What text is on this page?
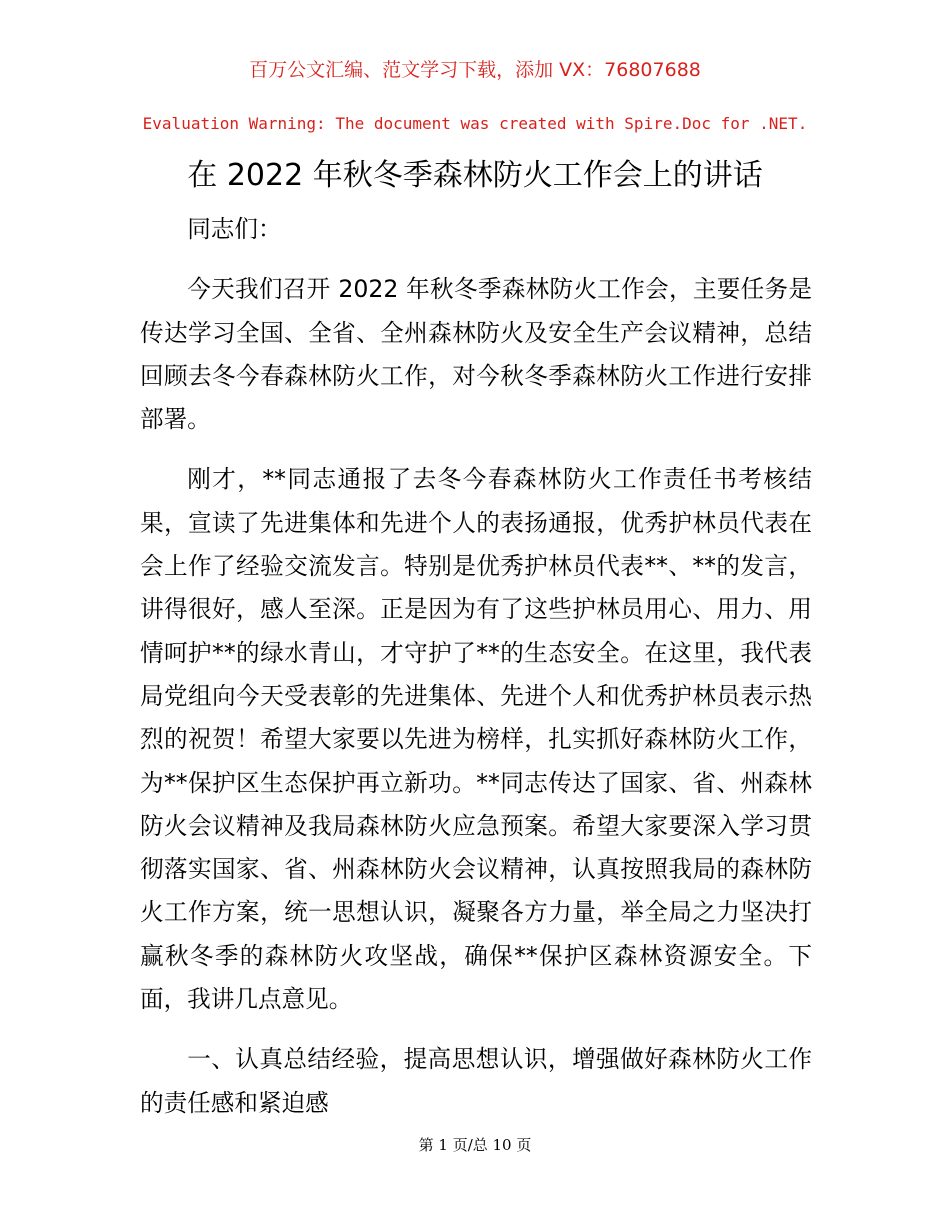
百万公文汇编、范文学习下载，添加 VX：76807688
Evaluation Warning: The document was created with Spire.Doc for .NET.
在 2022 年秋冬季森林防火工作会上的讲话

同志们：

今天我们召开 2022 年秋冬季森林防火工作会，主要任务是传达学习全国、全省、全州森林防火及安全生产会议精神，总结回顾去冬今春森林防火工作，对今秋冬季森林防火工作进行安排部署。

刚才，**同志通报了去冬今春森林防火工作责任书考核结果，宣读了先进集体和先进个人的表扬通报，优秀护林员代表在会上作了经验交流发言。特别是优秀护林员代表**、**的发言，讲得很好，感人至深。正是因为有了这些护林员用心、用力、用情呵护**的绿水青山，才守护了**的生态安全。在这里，我代表局党组向今天受表彰的先进集体、先进个人和优秀护林员表示热烈的祝贺！希望大家要以先进为榜样，扎实抓好森林防火工作，为**保护区生态保护再立新功。**同志传达了国家、省、州森林防火会议精神及我局森林防火应急预案。希望大家要深入学习贯彻落实国家、省、州森林防火会议精神，认真按照我局的森林防火工作方案，统一思想认识，凝聚各方力量，举全局之力坚决打赢秋冬季的森林防火攻坚战，确保**保护区森林资源安全。下面，我讲几点意见。

一、认真总结经验，提高思想认识，增强做好森林防火工作的责任感和紧迫感

第 1 页/总 10 页
